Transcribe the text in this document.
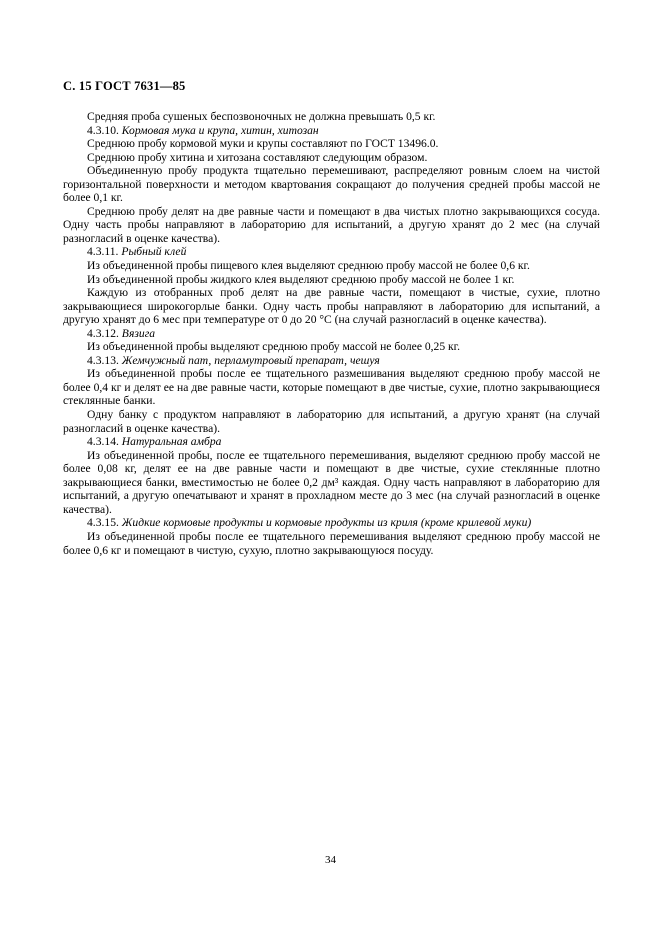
С. 15 ГОСТ 7631—85

Средняя проба сушеных беспозвоночных не должна превышать 0,5 кг.

4.3.10. Кормовая мука и крупа, хитин, хитозан

Среднюю пробу кормовой муки и крупы составляют по ГОСТ 13496.0.

Среднюю пробу хитина и хитозана составляют следующим образом.

Объединенную пробу продукта тщательно перемешивают, распределяют ровным слоем на чистой горизонтальной поверхности и методом квартования сокращают до получения средней пробы массой не более 0,1 кг.

Среднюю пробу делят на две равные части и помещают в два чистых плотно закрывающихся сосуда. Одну часть пробы направляют в лабораторию для испытаний, а другую хранят до 2 мес (на случай разногласий в оценке качества).

4.3.11. Рыбный клей

Из объединенной пробы пищевого клея выделяют среднюю пробу массой не более 0,6 кг.

Из объединенной пробы жидкого клея выделяют среднюю пробу массой не более 1 кг.

Каждую из отобранных проб делят на две равные части, помещают в чистые, сухие, плотно закрывающиеся широкогорлые банки. Одну часть пробы направляют в лабораторию для испытаний, а другую хранят до 6 мес при температуре от 0 до 20 °С (на случай разногласий в оценке качества).

4.3.12. Вязига

Из объединенной пробы выделяют среднюю пробу массой не более 0,25 кг.

4.3.13. Жемчужный пат, перламутровый препарат, чешуя

Из объединенной пробы после ее тщательного размешивания выделяют среднюю пробу массой не более 0,4 кг и делят ее на две равные части, которые помещают в две чистые, сухие, плотно закрывающиеся стеклянные банки.

Одну банку с продуктом направляют в лабораторию для испытаний, а другую хранят (на случай разногласий в оценке качества).

4.3.14. Натуральная амбра

Из объединенной пробы, после ее тщательного перемешивания, выделяют среднюю пробу массой не более 0,08 кг, делят ее на две равные части и помещают в две чистые, сухие стеклянные плотно закрывающиеся банки, вместимостью не более 0,2 дм³ каждая. Одну часть направляют в лабораторию для испытаний, а другую опечатывают и хранят в прохладном месте до 3 мес (на случай разногласий в оценке качества).

4.3.15. Жидкие кормовые продукты и кормовые продукты из криля (кроме крилевой муки)

Из объединенной пробы после ее тщательного перемешивания выделяют среднюю пробу массой не более 0,6 кг и помещают в чистую, сухую, плотно закрывающуюся посуду.

34
